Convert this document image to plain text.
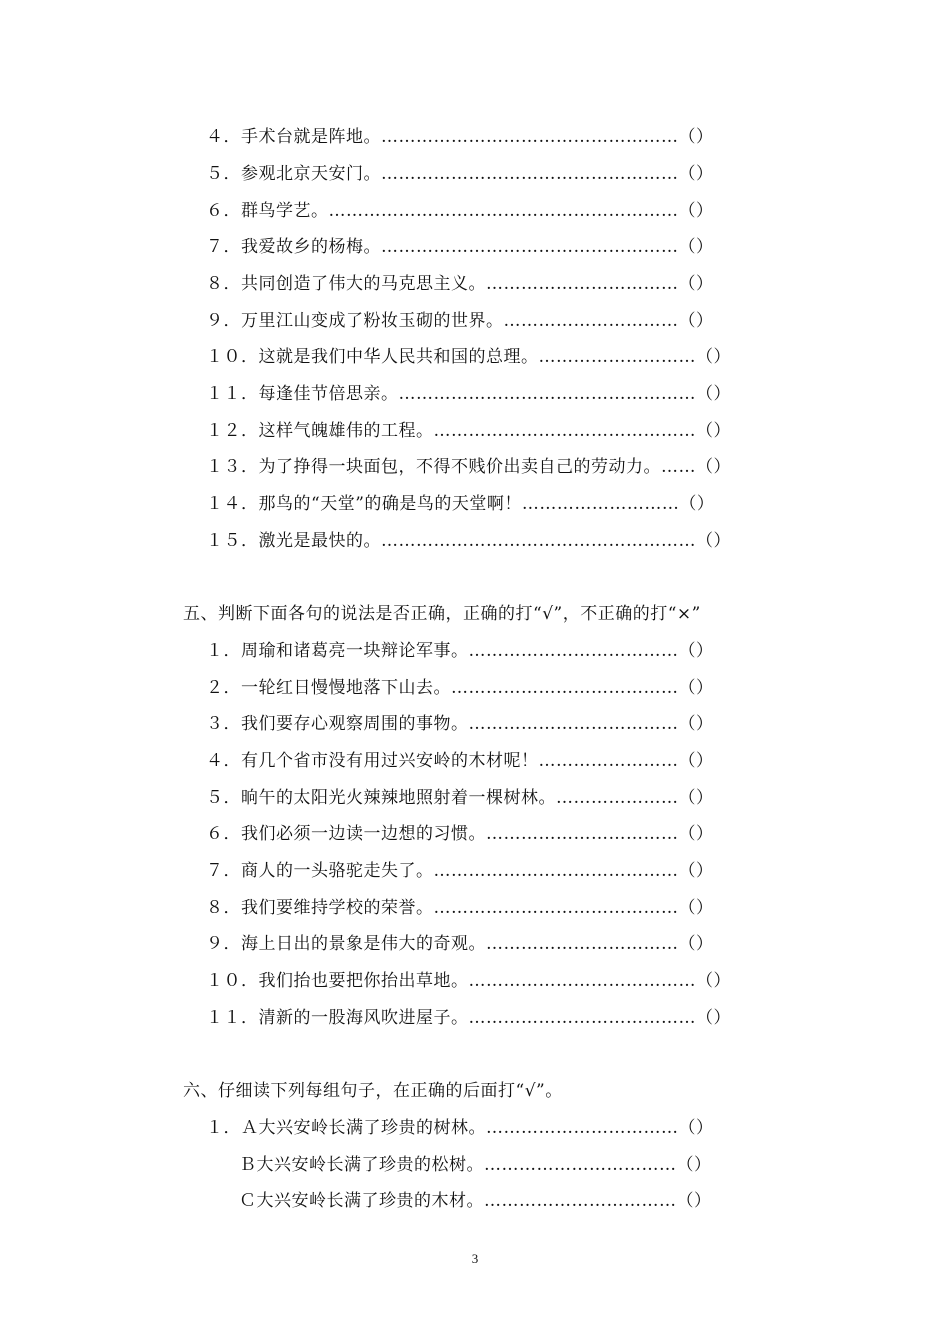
４．手术台就是阵地。……………………………………………（）
５．参观北京天安门。……………………………………………（）
６．群鸟学艺。……………………………………………………（）
７．我爱故乡的杨梅。……………………………………………（）
８．共同创造了伟大的马克思主义。……………………………（）
９．万里江山变成了粉妆玉砌的世界。…………………………（）
１０．这就是我们中华人民共和国的总理。………………………（）
１１．每逢佳节倍思亲。……………………………………………（）
１２．这样气魄雄伟的工程。………………………………………（）
１３．为了挣得一块面包，不得不贱价出卖自己的劳动力。……（）
１４．那鸟的“天堂”的确是鸟的天堂啊！………………………（）
１５．激光是最快的。………………………………………………（）
五、判断下面各句的说法是否正确，正确的打“√”，不正确的打“×”
１．周瑜和诸葛亮一块辩论军事。………………………………（）
２．一轮红日慢慢地落下山去。…………………………………（）
３．我们要存心观察周围的事物。………………………………（）
４．有几个省市没有用过兴安岭的木材呢！……………………（）
５．晌午的太阳光火辣辣地照射着一棵树林。…………………（）
６．我们必须一边读一边想的习惯。……………………………（）
７．商人的一头骆驼走失了。……………………………………（）
８．我们要维持学校的荣誉。……………………………………（）
９．海上日出的景象是伟大的奇观。……………………………（）
１０．我们抬也要把你抬出草地。…………………………………（）
１１．清新的一股海风吹进屋子。…………………………………（）
六、仔细读下列每组句子，在正确的后面打“√”。
１．Ａ大兴安岭长满了珍贵的树林。……………………………（）
Ｂ大兴安岭长满了珍贵的松树。……………………………（）
Ｃ大兴安岭长满了珍贵的木材。……………………………（）
3
